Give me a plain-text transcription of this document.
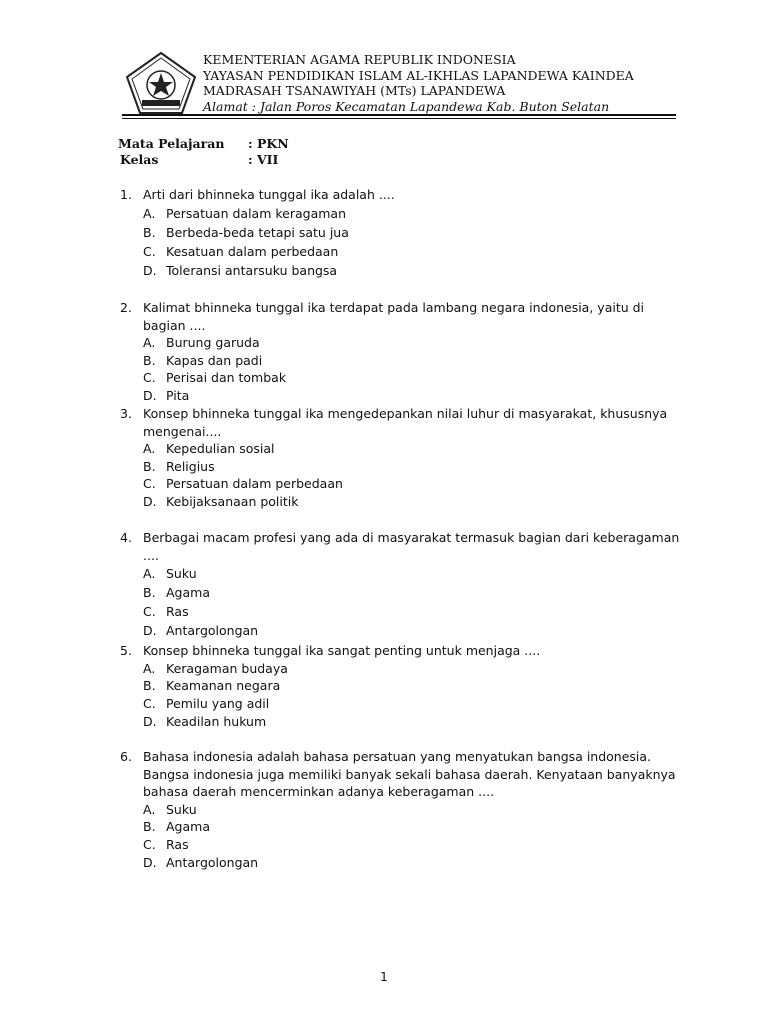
KEMENTERIAN AGAMA REPUBLIK INDONESIA
YAYASAN PENDIDIKAN ISLAM AL-IKHLAS LAPANDEWA KAINDEA
MADRASAH TSANAWIYAH (MTs) LAPANDEWA
Alamat : Jalan Poros Kecamatan Lapandewa Kab. Buton Selatan
Mata Pelajaran	: PKN
Kelas	: VII
1. Arti dari bhinneka tunggal ika adalah ....
A. Persatuan dalam keragaman
B. Berbeda-beda tetapi satu jua
C. Kesatuan dalam perbedaan
D. Toleransi antarsuku bangsa
2. Kalimat bhinneka tunggal ika terdapat pada lambang negara indonesia, yaitu di bagian ....
A. Burung garuda
B. Kapas dan padi
C. Perisai dan tombak
D. Pita
3. Konsep bhinneka tunggal ika mengedepankan nilai luhur di masyarakat, khususnya mengenai....
A. Kepedulian sosial
B. Religius
C. Persatuan dalam perbedaan
D. Kebijaksanaan politik
4. Berbagai macam profesi yang ada di masyarakat termasuk bagian dari keberagaman ....
A. Suku
B. Agama
C. Ras
D. Antargolongan
5. Konsep bhinneka tunggal ika sangat penting untuk menjaga ....
A. Keragaman budaya
B. Keamanan negara
C. Pemilu yang adil
D. Keadilan hukum
6. Bahasa indonesia adalah bahasa persatuan yang menyatukan bangsa indonesia. Bangsa indonesia juga memiliki banyak sekali bahasa daerah. Kenyataan banyaknya bahasa daerah mencerminkan adanya keberagaman ....
A. Suku
B. Agama
C. Ras
D. Antargolongan
1
